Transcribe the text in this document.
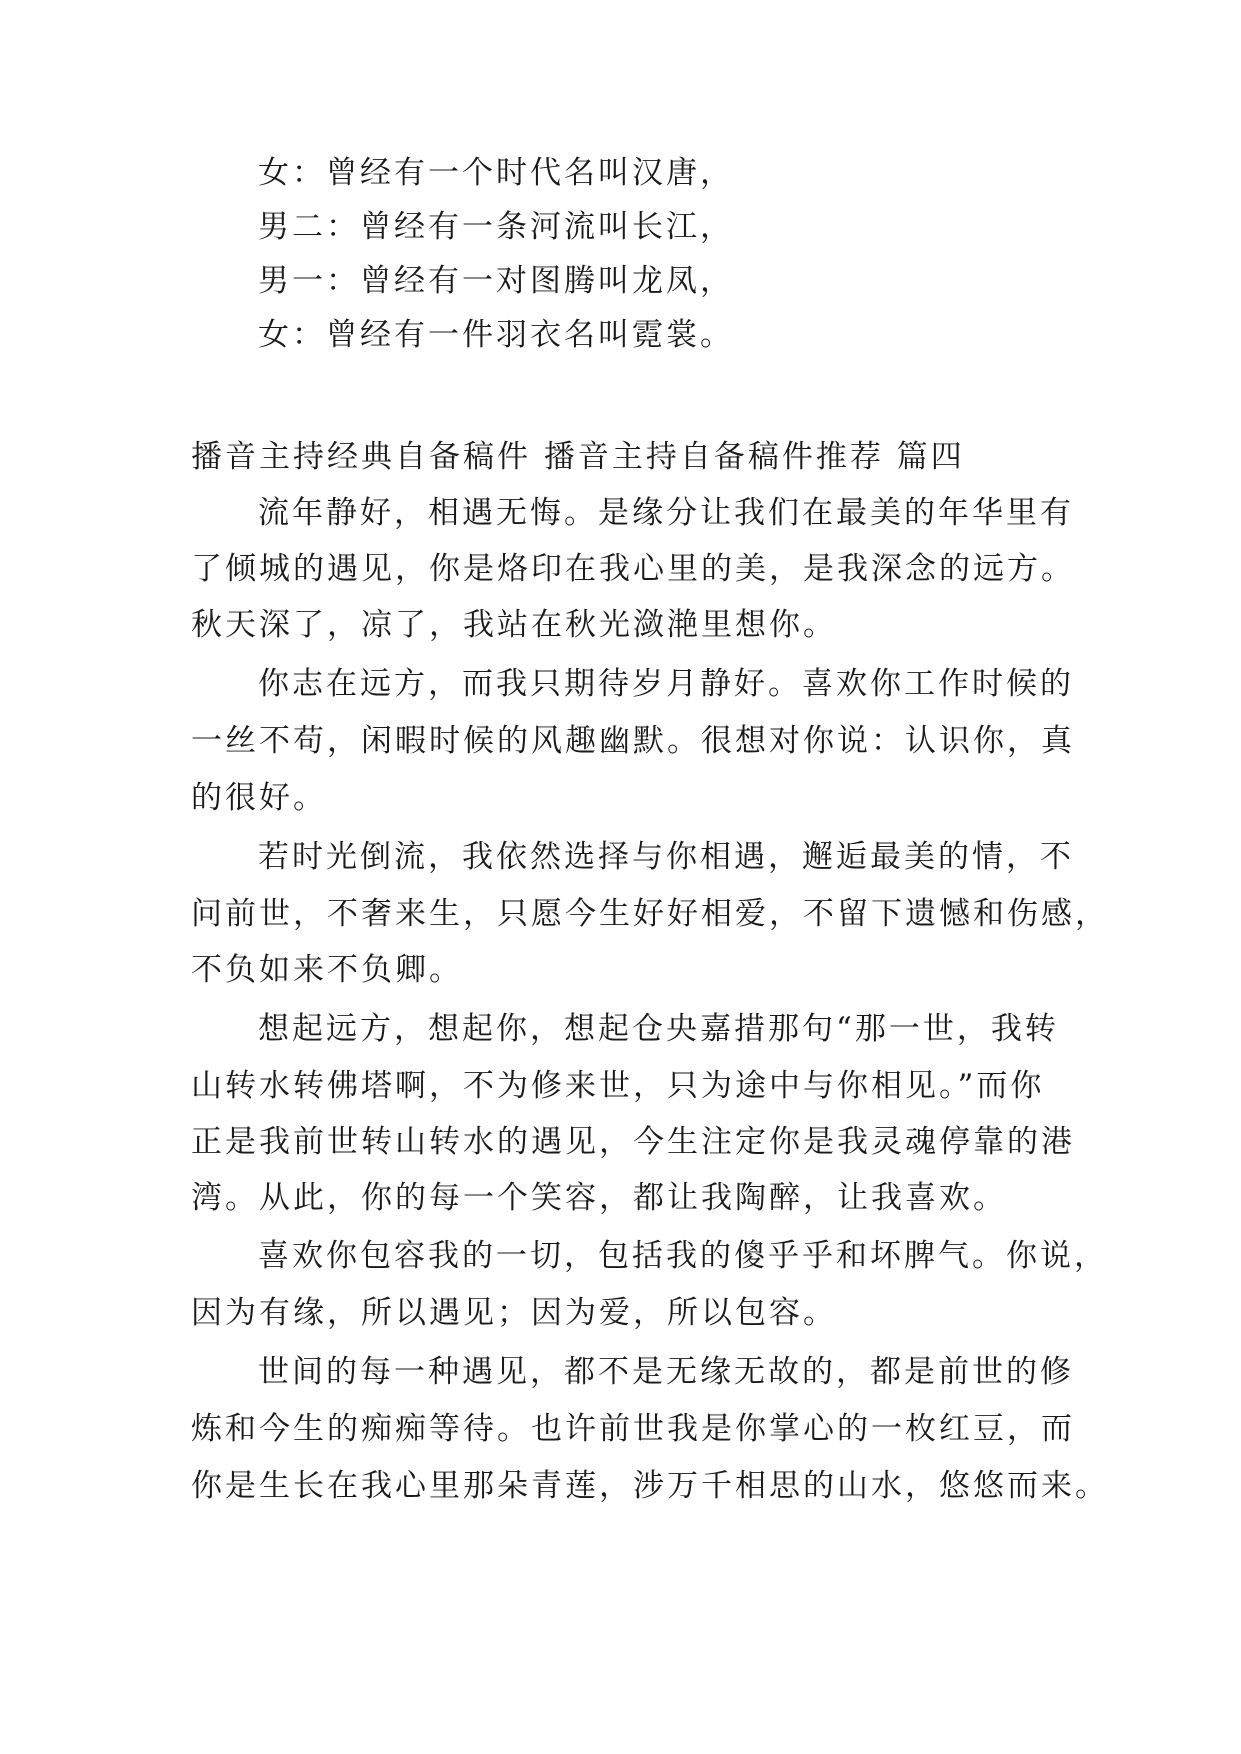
女：曾经有一个时代名叫汉唐，
男二：曾经有一条河流叫长江，
男一：曾经有一对图腾叫龙凤，
女：曾经有一件羽衣名叫霓裳。
播音主持经典自备稿件 播音主持自备稿件推荐 篇四
流年静好，相遇无悔。是缘分让我们在最美的年华里有
了倾城的遇见，你是烙印在我心里的美，是我深念的远方。
秋天深了，凉了，我站在秋光潋滟里想你。
你志在远方，而我只期待岁月静好。喜欢你工作时候的
一丝不苟，闲暇时候的风趣幽默。很想对你说：认识你，真
的很好。
若时光倒流，我依然选择与你相遇，邂逅最美的情，不
问前世，不奢来生，只愿今生好好相爱，不留下遗憾和伤感，
不负如来不负卿。
想起远方，想起你，想起仓央嘉措那句“那一世，我转
山转水转佛塔啊，不为修来世，只为途中与你相见。”而你
正是我前世转山转水的遇见，今生注定你是我灵魂停靠的港
湾。从此，你的每一个笑容，都让我陶醉，让我喜欢。
喜欢你包容我的一切，包括我的傻乎乎和坏脾气。你说，
因为有缘，所以遇见；因为爱，所以包容。
世间的每一种遇见，都不是无缘无故的，都是前世的修
炼和今生的痴痴等待。也许前世我是你掌心的一枚红豆，而
你是生长在我心里那朵青莲，涉万千相思的山水，悠悠而来。
